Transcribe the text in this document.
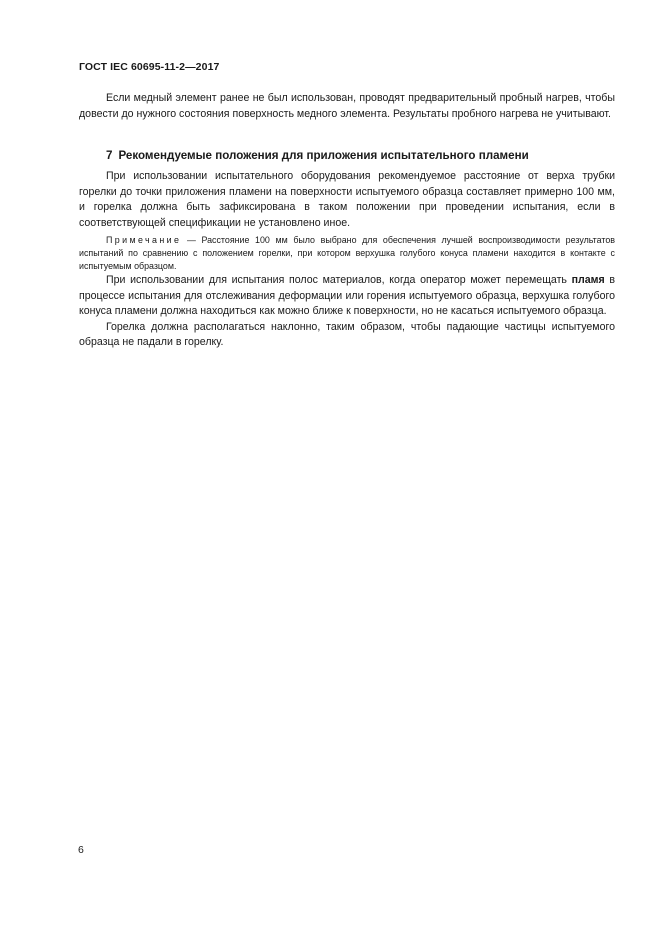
ГОСТ IEC 60695-11-2—2017

Если медный элемент ранее не был использован, проводят предварительный пробный нагрев, чтобы довести до нужного состояния поверхность медного элемента. Результаты пробного нагрева не учитывают.

7 Рекомендуемые положения для приложения испытательного пламени

При использовании испытательного оборудования рекомендуемое расстояние от верха трубки горелки до точки приложения пламени на поверхности испытуемого образца составляет примерно 100 мм, и горелка должна быть зафиксирована в таком положении при проведении испытания, если в соответствующей спецификации не установлено иное.

Примечание — Расстояние 100 мм было выбрано для обеспечения лучшей воспроизводимости результатов испытаний по сравнению с положением горелки, при котором верхушка голубого конуса пламени находится в контакте с испытуемым образцом.

При использовании для испытания полос материалов, когда оператор может перемещать пламя в процессе испытания для отслеживания деформации или горения испытуемого образца, верхушка голубого конуса пламени должна находиться как можно ближе к поверхности, но не касаться испытуемого образца.

Горелка должна располагаться наклонно, таким образом, чтобы падающие частицы испытуемого образца не падали в горелку.

6
